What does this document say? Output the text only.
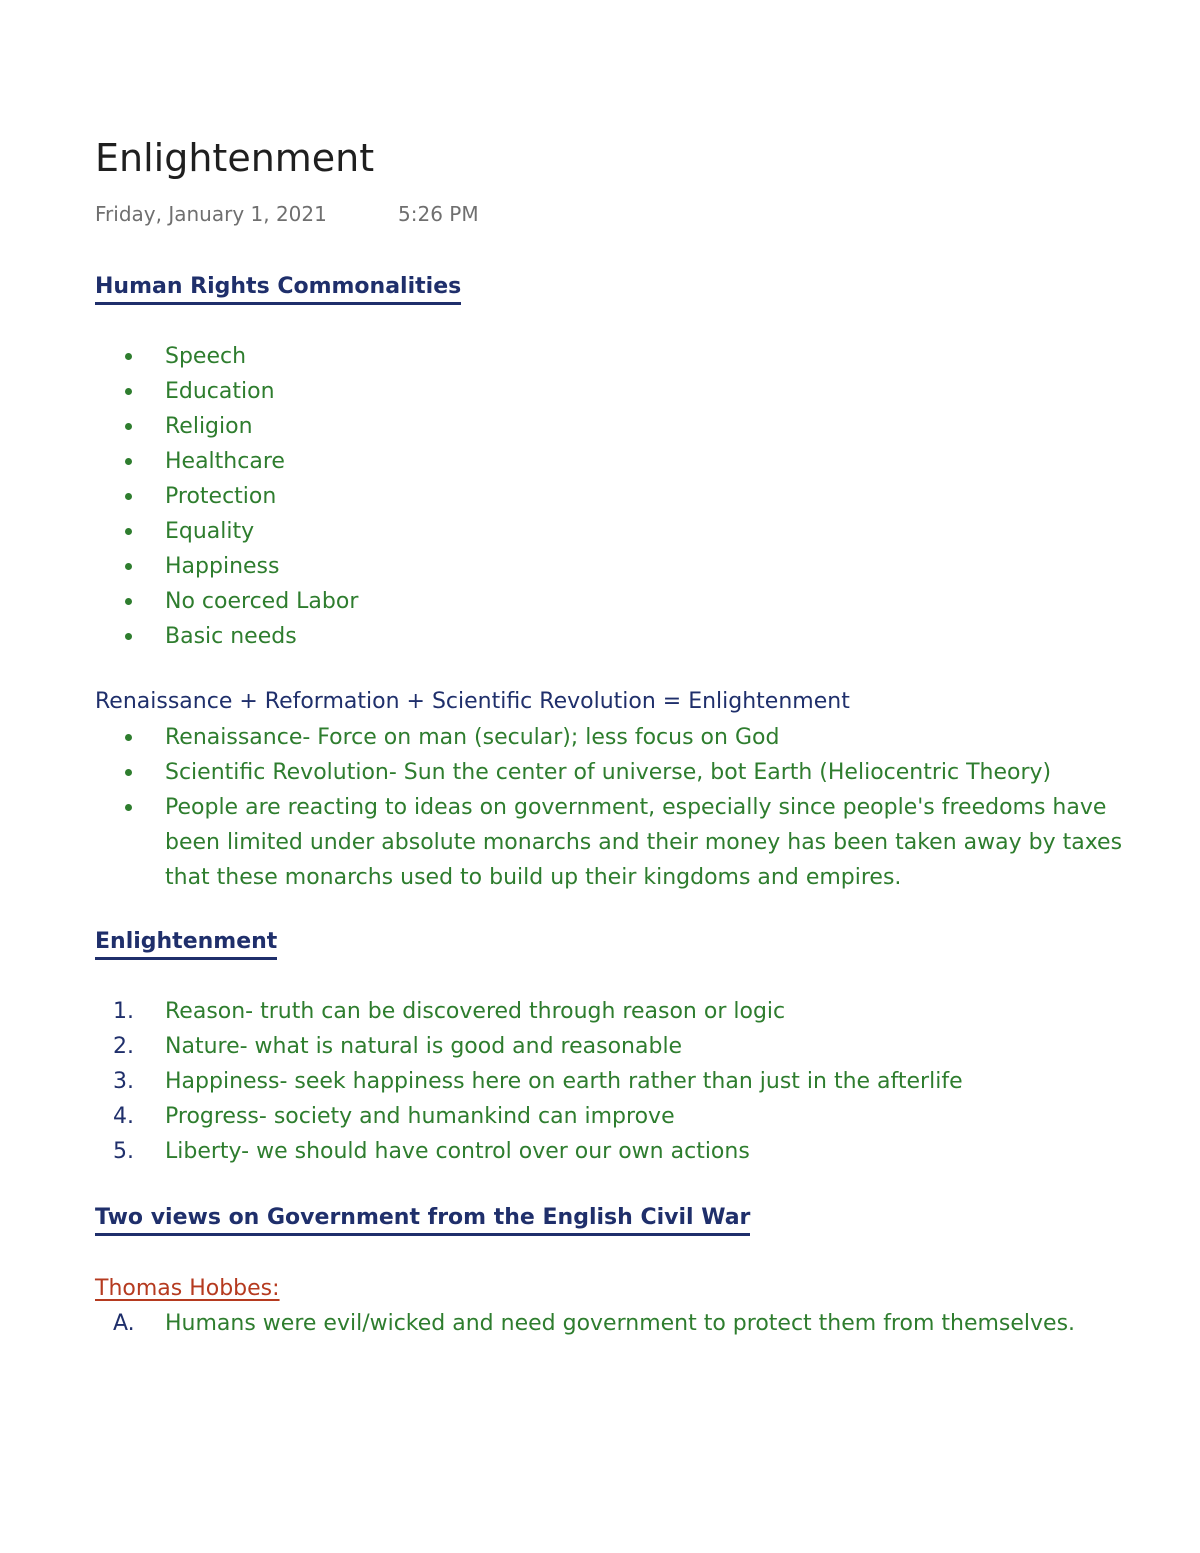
Enlightenment
Friday, January 1, 2021	5:26 PM
Human Rights Commonalities
Speech
Education
Religion
Healthcare
Protection
Equality
Happiness
No coerced Labor
Basic needs
Renaissance + Reformation + Scientific Revolution = Enlightenment
Renaissance- Force on man (secular); less focus on God
Scientific Revolution- Sun the center of universe, bot Earth (Heliocentric Theory)
People are reacting to ideas on government, especially since people's freedoms have been limited under absolute monarchs and their money has been taken away by taxes that these monarchs used to build up their kingdoms and empires.
Enlightenment
1.	Reason- truth can be discovered through reason or logic
2.	Nature- what is natural is good and reasonable
3.	Happiness- seek happiness here on earth rather than just in the afterlife
4.	Progress- society and humankind can improve
5.	Liberty- we should have control over our own actions
Two views on Government from the English Civil War
Thomas Hobbes:
A. Humans were evil/wicked and need government to protect them from themselves.
